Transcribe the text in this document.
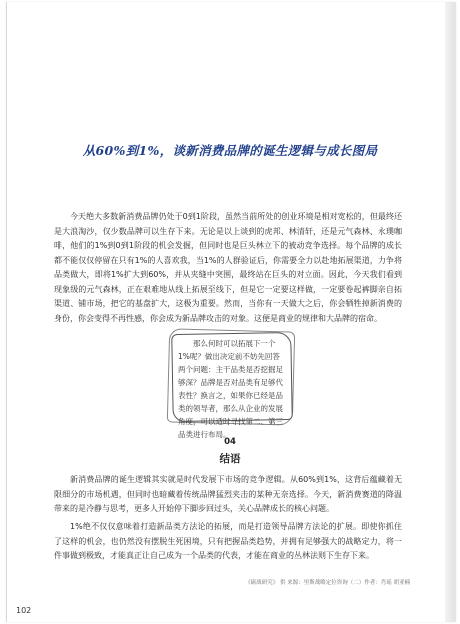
从60%到1%，谈新消费品牌的诞生逻辑与成长图局

今天绝大多数新消费品牌仍处于0到1阶段，虽然当前所处的创业环境是相对宽松的，但最终还是大浪淘沙，仅少数品牌可以生存下来。无论是以上谈到的虎邦、林清轩，还是元气森林、永璞咖啡，他们的1%到0到1阶段的机会发掘，但同时也是巨头林立下的被动竞争选择。每个品牌的成长都不能仅仅停留在只有1%的人喜欢我，当1%的人群验证后，你需要全力以赴地拓展渠道，力争将品类做大，即将1%扩大到60%，并从夹缝中突围，最终站在巨头的对立面。因此，今天我们看到现象级的元气森林，正在艰难地从线上拓展至线下，但是它一定要这样做，一定要卷起裤脚亲自拓渠道、铺市场，把它的基盘扩大，这极为重要。然而，当你有一天做大之后，你会牺牲掉新消费的身份，你会变得不再性感，你会成为新品牌攻击的对象。这便是商业的规律和大品牌的宿命。

那么何时可以拓展下一个1%呢？做出决定前不妨先回答两个问题：主干品类是否挖掘足够深？品牌是否对品类有足够代表性？换言之，如果你已经是品类的领导者，那么从企业的发展角度，可以适时寻找第二、第三品类进行布局。

04
结语

新消费品牌的诞生逻辑其实就是时代发展下市场的竞争逻辑。从60%到1%，这背后蕴藏着无限细分的市场机遇，但同时也暗藏着传统品牌猛烈夹击的某种无奈选择。今天，新消费赛道的降温带来的是冷静与思考，更多人开始停下脚步回过头，关心品牌成长的核心问题。

1%绝不仅仅意味着打造新品类方法论的拓展，而是打造领导品牌方法论的扩展。即使你抓住了这样的机会，也仍然没有摆脱生死困境，只有把握品类趋势，并拥有足够强大的战略定力，将一件事做到极致，才能真正让自己成为一个品类的代表，才能在商业的丛林法则下生存下来。

《砺战研究》 供 来源：里斯战略定位咨询（二）作者：肖瑶 胡亚楠
102
